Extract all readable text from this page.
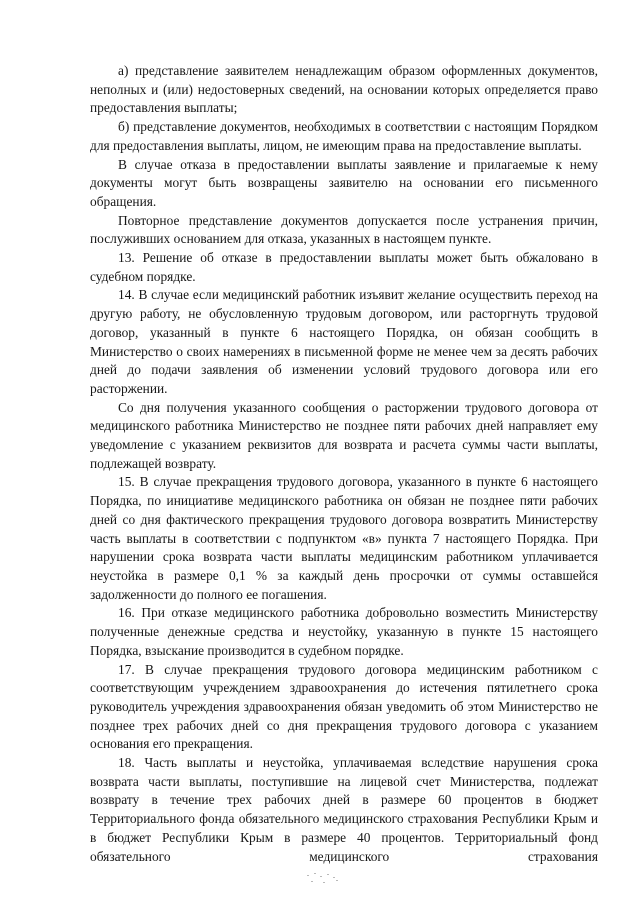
а) представление заявителем ненадлежащим образом оформленных документов, неполных и (или) недостоверных сведений, на основании которых определяется право предоставления выплаты;

б) представление документов, необходимых в соответствии с настоящим Порядком для предоставления выплаты, лицом, не имеющим права на предоставление выплаты.

В случае отказа в предоставлении выплаты заявление и прилагаемые к нему документы могут быть возвращены заявителю на основании его письменного обращения.

Повторное представление документов допускается после устранения причин, послуживших основанием для отказа, указанных в настоящем пункте.

13. Решение об отказе в предоставлении выплаты может быть обжаловано в судебном порядке.

14. В случае если медицинский работник изъявит желание осуществить переход на другую работу, не обусловленную трудовым договором, или расторгнуть трудовой договор, указанный в пункте 6 настоящего Порядка, он обязан сообщить в Министерство о своих намерениях в письменной форме не менее чем за десять рабочих дней до подачи заявления об изменении условий трудового договора или его расторжении.

Со дня получения указанного сообщения о расторжении трудового договора от медицинского работника Министерство не позднее пяти рабочих дней направляет ему уведомление с указанием реквизитов для возврата и расчета суммы части выплаты, подлежащей возврату.

15. В случае прекращения трудового договора, указанного в пункте 6 настоящего Порядка, по инициативе медицинского работника он обязан не позднее пяти рабочих дней со дня фактического прекращения трудового договора возвратить Министерству часть выплаты в соответствии с подпунктом «в» пункта 7 настоящего Порядка. При нарушении срока возврата части выплаты медицинским работником уплачивается неустойка в размере 0,1 % за каждый день просрочки от суммы оставшейся задолженности до полного ее погашения.

16. При отказе медицинского работника добровольно возместить Министерству полученные денежные средства и неустойку, указанную в пункте 15 настоящего Порядка, взыскание производится в судебном порядке.

17. В случае прекращения трудового договора медицинским работником с соответствующим учреждением здравоохранения до истечения пятилетнего срока руководитель учреждения здравоохранения обязан уведомить об этом Министерство не позднее трех рабочих дней со дня прекращения трудового договора с указанием основания его прекращения.

18. Часть выплаты и неустойка, уплачиваемая вследствие нарушения срока возврата части выплаты, поступившие на лицевой счет Министерства, подлежат возврату в течение трех рабочих дней в размере 60 процентов в бюджет Территориального фонда обязательного медицинского страхования Республики Крым и в бюджет Республики Крым в размере 40 процентов. Территориальный фонд обязательного медицинского страхования
